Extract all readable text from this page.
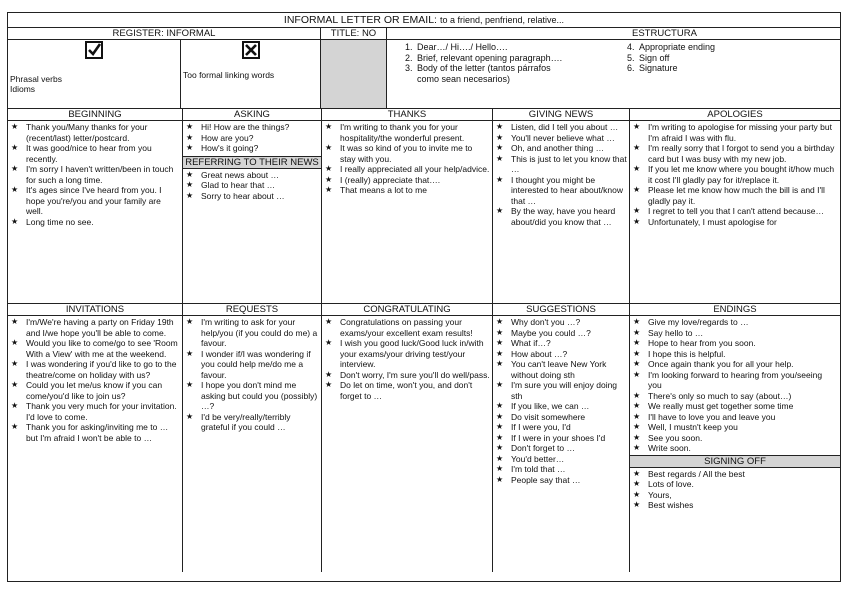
INFORMAL LETTER OR EMAIL: to a friend, penfriend, relative...
REGISTER: INFORMAL
Phrasal verbs
Idioms
Too formal linking words
TITLE: NO	ESTRUCTURA
1. Dear…/ Hi…./ Hello….
2. Brief, relevant opening paragraph….
3. Body of the letter (tantos párrafos
como sean necesarios)
4. Appropriate ending
5. Sign off
6. Signature
BEGINNING
★ Thank you/Many thanks for your (recent/last) letter/postcard.
★ It was good/nice to hear from you recently.
★ I'm sorry I haven't written/been in touch for such a long time.
★ It's ages since I've heard from you. I hope you're/you and your family are well.
★ Long time no see.
ASKING
★ Hi! How are the things?
★ How are you?
★ How's it going?
REFERRING TO THEIR NEWS
★ Great news about …
★ Glad to hear that …
★ Sorry to hear about …
THANKS
★ I'm writing to thank you for your hospitality/the wonderful present.
★ It was so kind of you to invite me to stay with you.
★ I really appreciated all your help/advice.
★ I (really) appreciate that….
★ That means a lot to me
GIVING NEWS
★ Listen, did I tell you about …
★ You'll never believe what …
★ Oh, and another thing …
★ This is just to let you know that …
★ I thought you might be interested to hear about/know that …
★ By the way, have you heard about/did you know that …
APOLOGIES
★ I'm writing to apologise for missing your party but I'm afraid I was with flu.
★ I'm really sorry that I forgot to send you a birthday card but I was busy with my new job.
★ If you let me know where you bought it/how much it cost I'll gladly pay for it/replace it.
★ Please let me know how much the bill is and I'll gladly pay it.
★ I regret to tell you that I can't attend because…
★ Unfortunately, I must apologise for
INVITATIONS
★ I'm/We're having a party on Friday 19th and I/we hope you'll be able to come.
★ Would you like to come/go to see 'Room With a View' with me at the weekend.
★ I was wondering if you'd like to go to the theatre/come on holiday with us?
★ Could you let me/us know if you can come/you'd like to join us?
★ Thank you very much for your invitation. I'd love to come.
★ Thank you for asking/inviting me to … but I'm afraid I won't be able to …
REQUESTS
★ I'm writing to ask for your help/you (if you could do me) a favour.
★ I wonder if/I was wondering if you could help me/do me a favour.
★ I hope you don't mind me asking but could you (possibly) …?
★ I'd be very/really/terribly grateful if you could …
CONGRATULATING
★ Congratulations on passing your exams/your excellent exam results!
★ I wish you good luck/Good luck in/with your exams/your driving test/your interview.
★ Don't worry, I'm sure you'll do well/pass.
★ Do let on time, won't you, and don't forget to …
SUGGESTIONS
★ Why don't you …?
★ Maybe you could …?
★ What if…?
★ How about …?
★ You can't leave New York without doing sth
★ I'm sure you will enjoy doing sth
★ If you like, we can …
★ Do visit somewhere
★ If I were you, I'd
★ If I were in your shoes I'd
★ Don't forget to …
★ You'd better…
★ I'm told that …
★ People say that …
ENDINGS
★ Give my love/regards to …
★ Say hello to …
★ Hope to hear from you soon.
★ I hope this is helpful.
★ Once again thank you for all your help.
★ I'm looking forward to hearing from you/seeing you
★ There's only so much to say (about…)
★ We really must get together some time
★ I'll have to love you and leave you
★ Well, I mustn't keep you
★ See you soon.
★ Write soon.
SIGNING OFF
★ Best regards / All the best
★ Lots of love.
★ Yours,
★ Best wishes
